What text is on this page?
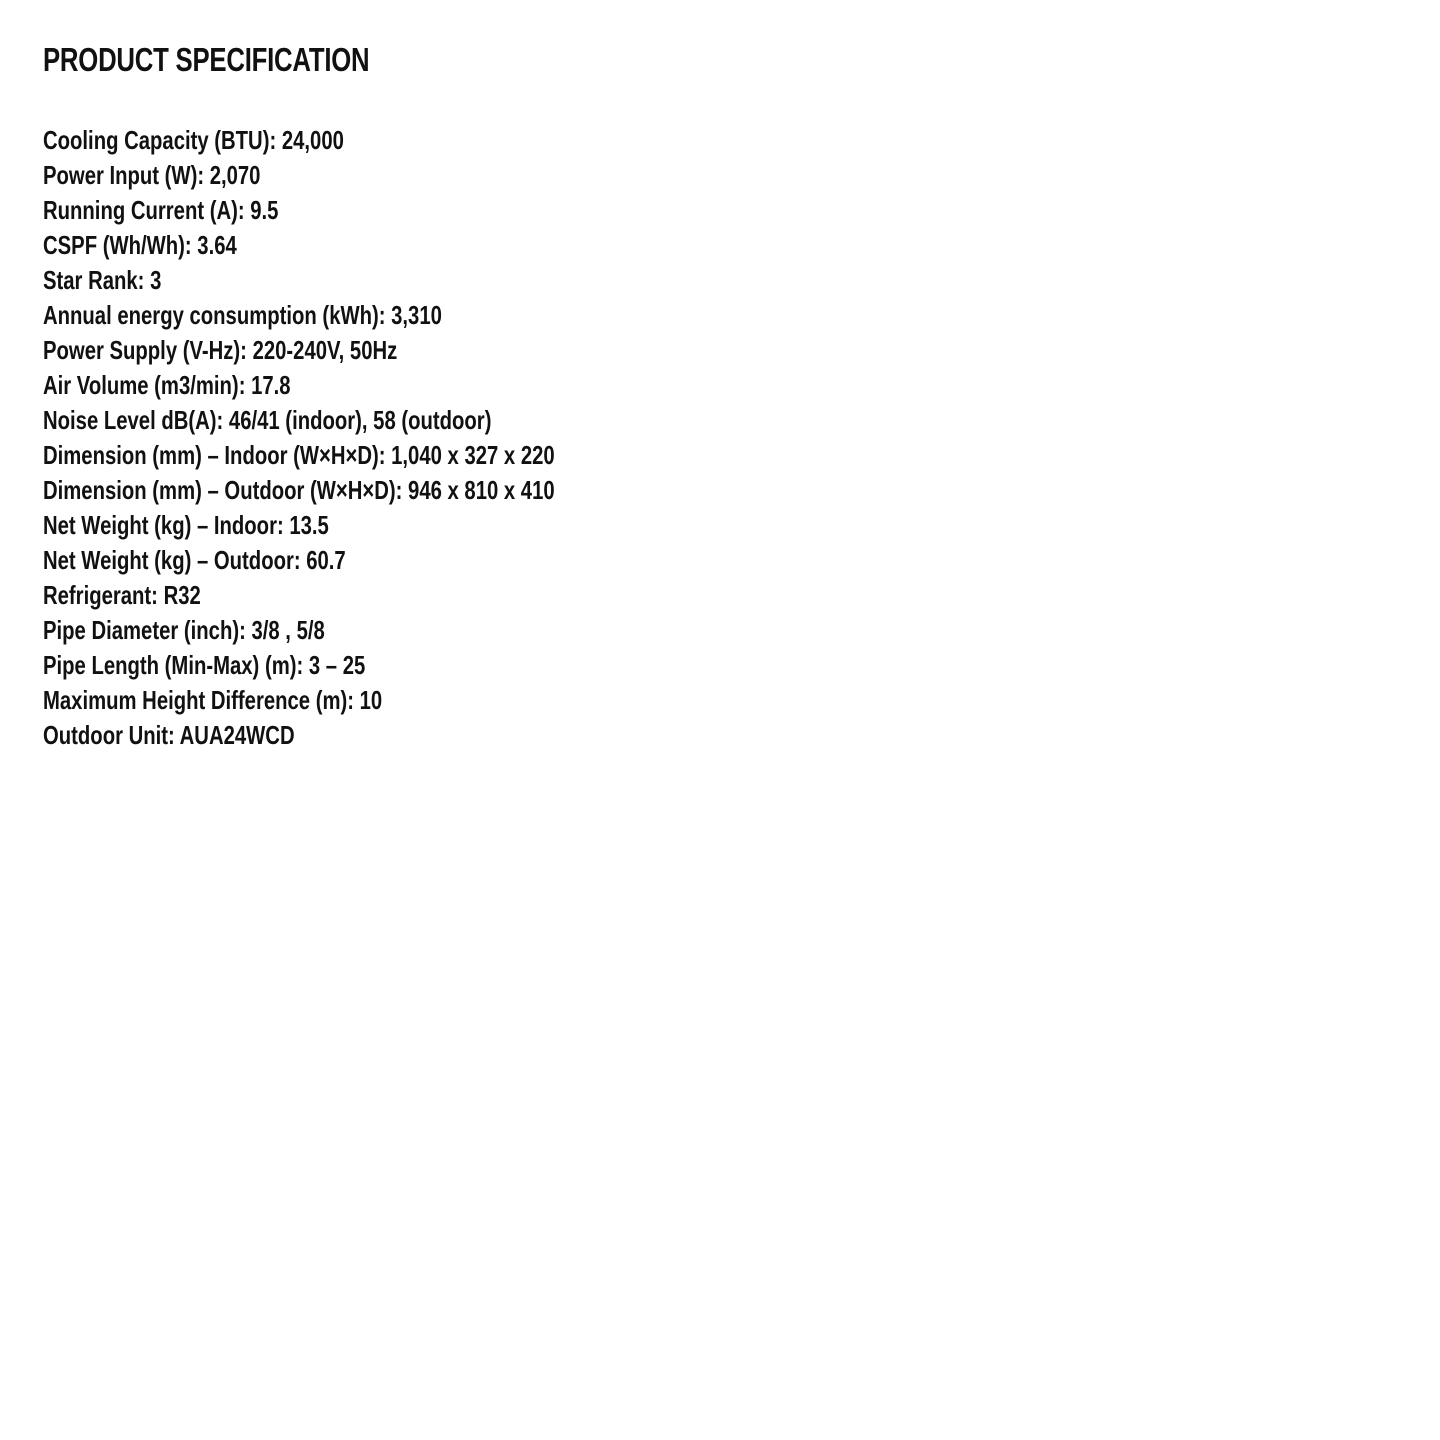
PRODUCT SPECIFICATION
Cooling Capacity (BTU): 24,000
Power Input (W): 2,070
Running Current (A): 9.5
CSPF (Wh/Wh): 3.64
Star Rank: 3
Annual energy consumption (kWh): 3,310
Power Supply (V-Hz): 220-240V, 50Hz
Air Volume (m3/min): 17.8
Noise Level dB(A): 46/41 (indoor), 58 (outdoor)
Dimension (mm) – Indoor (W×H×D): 1,040 x 327 x 220
Dimension (mm) – Outdoor (W×H×D): 946 x 810 x 410
Net Weight (kg) – Indoor: 13.5
Net Weight (kg) – Outdoor: 60.7
Refrigerant: R32
Pipe Diameter (inch): 3/8 , 5/8
Pipe Length (Min-Max) (m): 3 – 25
Maximum Height Difference (m): 10
Outdoor Unit: AUA24WCD
